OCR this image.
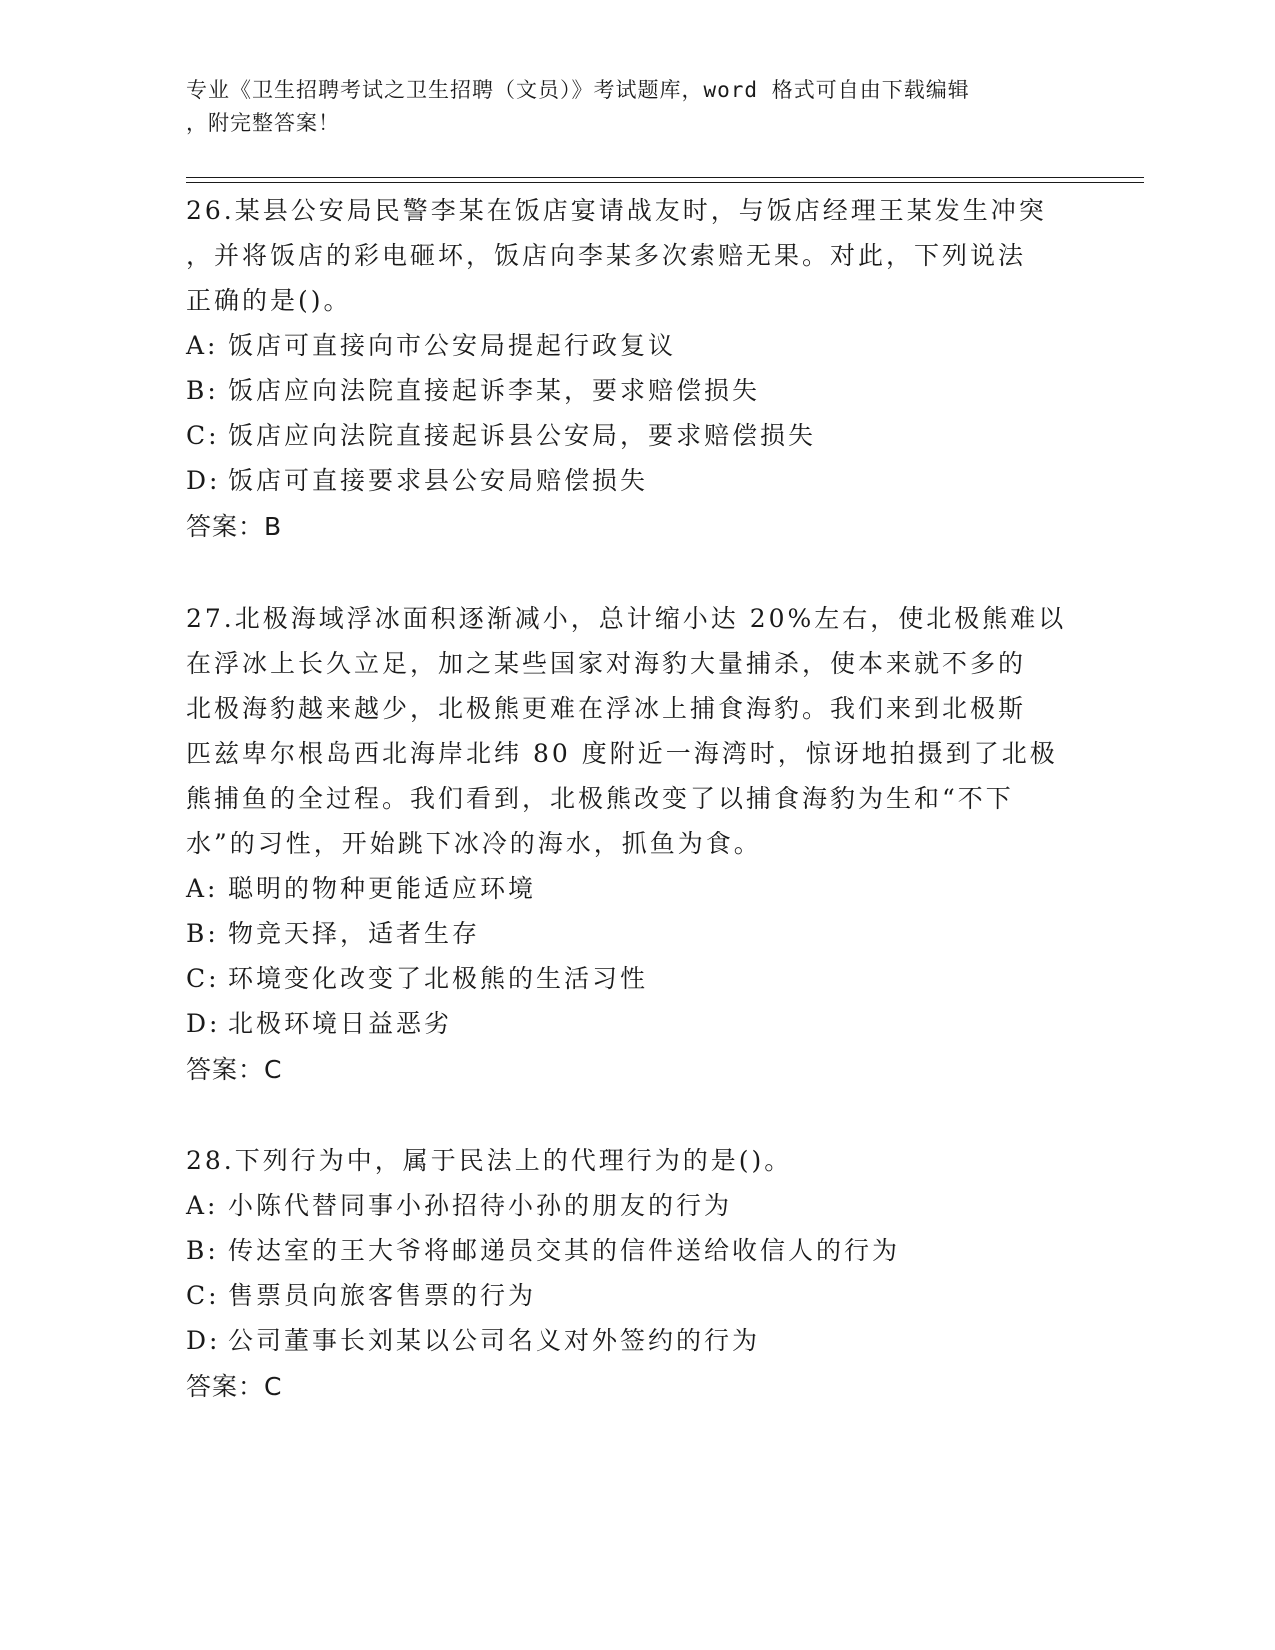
专业《卫生招聘考试之卫生招聘（文员）》考试题库，word 格式可自由下载编辑
，附完整答案！
26.某县公安局民警李某在饭店宴请战友时，与饭店经理王某发生冲突
，并将饭店的彩电砸坏，饭店向李某多次索赔无果。对此，下列说法
正确的是()。
A: 饭店可直接向市公安局提起行政复议
B: 饭店应向法院直接起诉李某，要求赔偿损失
C: 饭店应向法院直接起诉县公安局，要求赔偿损失
D: 饭店可直接要求县公安局赔偿损失
答案：B
27.北极海域浮冰面积逐渐减小，总计缩小达 20%左右，使北极熊难以
在浮冰上长久立足，加之某些国家对海豹大量捕杀，使本来就不多的
北极海豹越来越少，北极熊更难在浮冰上捕食海豹。我们来到北极斯
匹兹卑尔根岛西北海岸北纬 80 度附近一海湾时，惊讶地拍摄到了北极
熊捕鱼的全过程。我们看到，北极熊改变了以捕食海豹为生和“不下
水”的习性，开始跳下冰冷的海水，抓鱼为食。
A: 聪明的物种更能适应环境
B: 物竞天择，适者生存
C: 环境变化改变了北极熊的生活习性
D: 北极环境日益恶劣
答案：C
28.下列行为中，属于民法上的代理行为的是()。
A: 小陈代替同事小孙招待小孙的朋友的行为
B: 传达室的王大爷将邮递员交其的信件送给收信人的行为
C: 售票员向旅客售票的行为
D: 公司董事长刘某以公司名义对外签约的行为
答案：C
